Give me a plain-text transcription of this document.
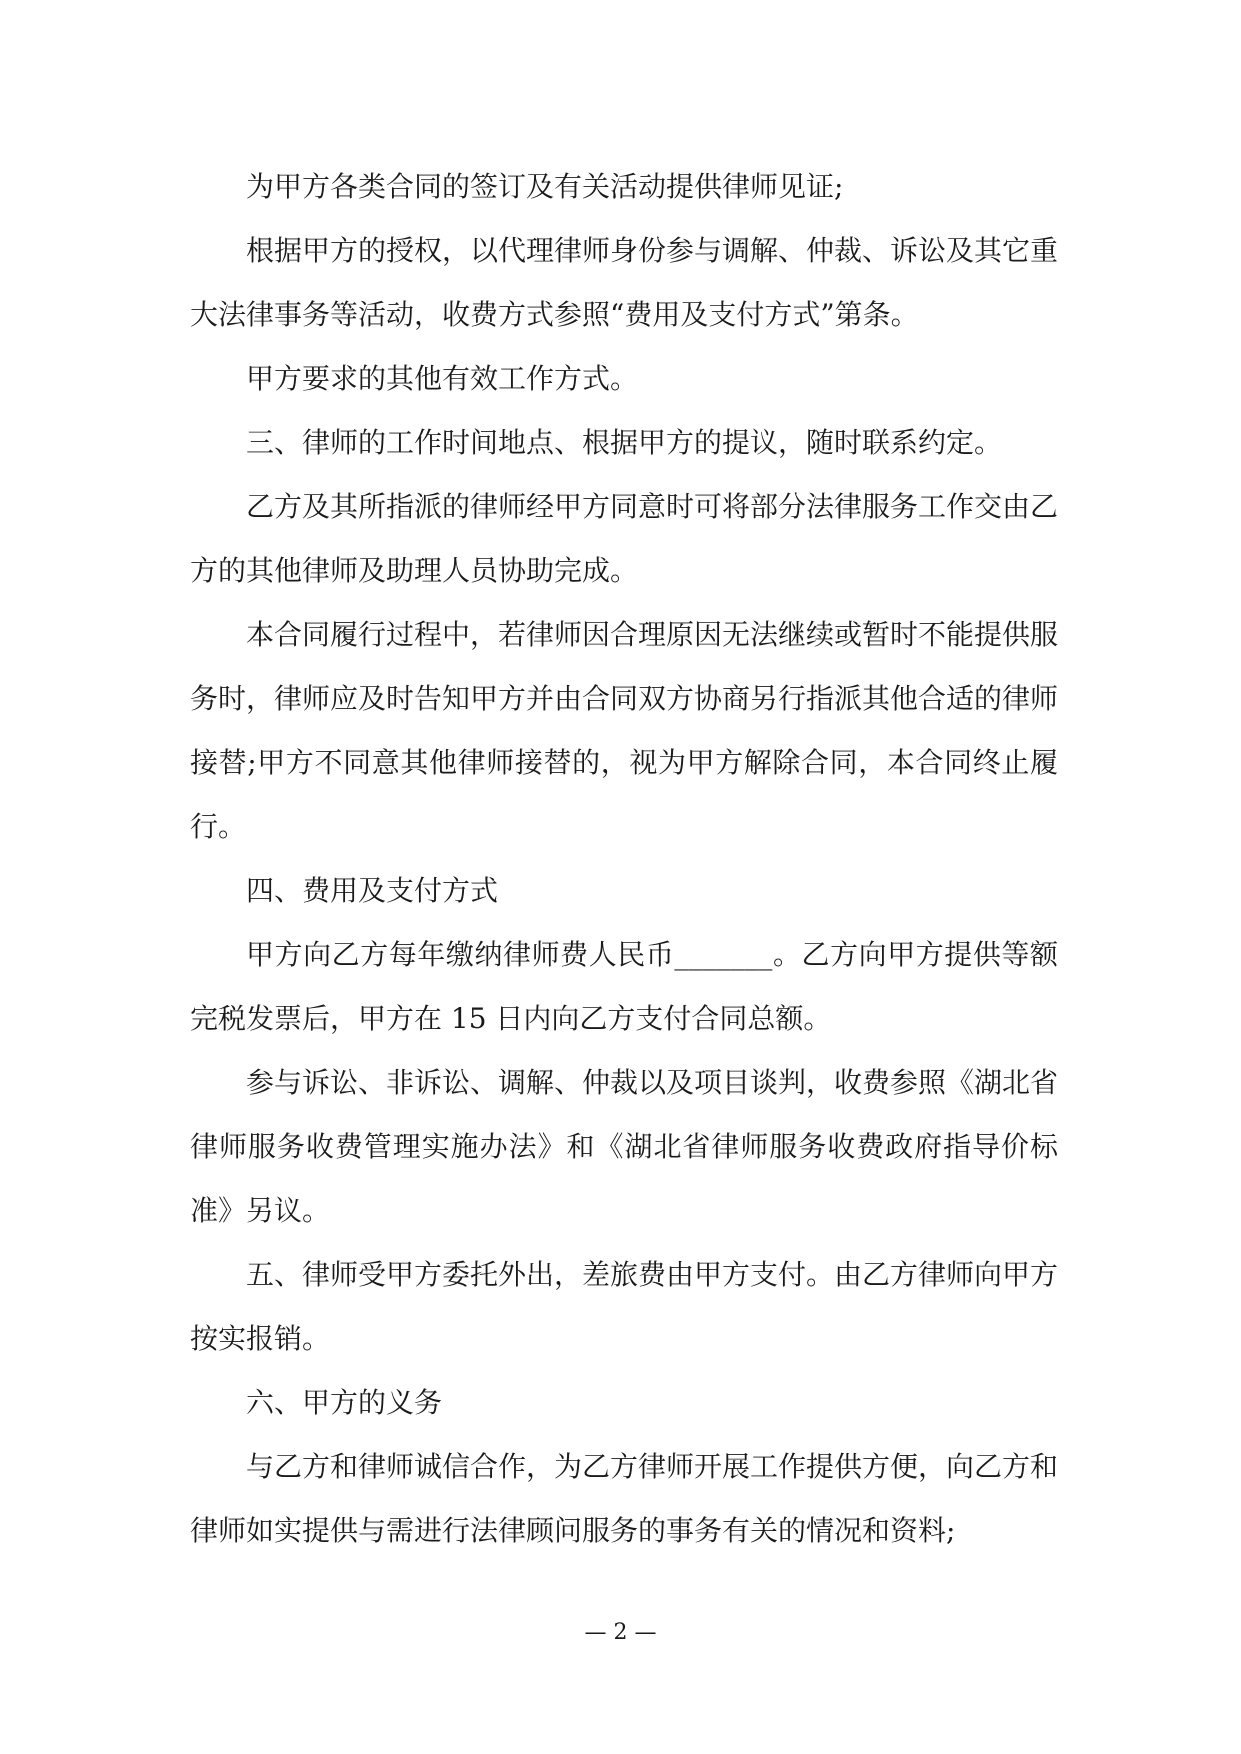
为甲方各类合同的签订及有关活动提供律师见证;

根据甲方的授权，以代理律师身份参与调解、仲裁、诉讼及其它重大法律事务等活动，收费方式参照“费用及支付方式”第条。

甲方要求的其他有效工作方式。

三、律师的工作时间地点、根据甲方的提议，随时联系约定。

乙方及其所指派的律师经甲方同意时可将部分法律服务工作交由乙方的其他律师及助理人员协助完成。

本合同履行过程中，若律师因合理原因无法继续或暂时不能提供服务时，律师应及时告知甲方并由合同双方协商另行指派其他合适的律师接替;甲方不同意其他律师接替的，视为甲方解除合同，本合同终止履行。

四、费用及支付方式

甲方向乙方每年缴纳律师费人民币_______。乙方向甲方提供等额完税发票后，甲方在 15 日内向乙方支付合同总额。

参与诉讼、非诉讼、调解、仲裁以及项目谈判，收费参照《湖北省律师服务收费管理实施办法》和《湖北省律师服务收费政府指导价标准》另议。

五、律师受甲方委托外出，差旅费由甲方支付。由乙方律师向甲方按实报销。

六、甲方的义务

与乙方和律师诚信合作，为乙方律师开展工作提供方便，向乙方和律师如实提供与需进行法律顾问服务的事务有关的情况和资料;

— 2 —
